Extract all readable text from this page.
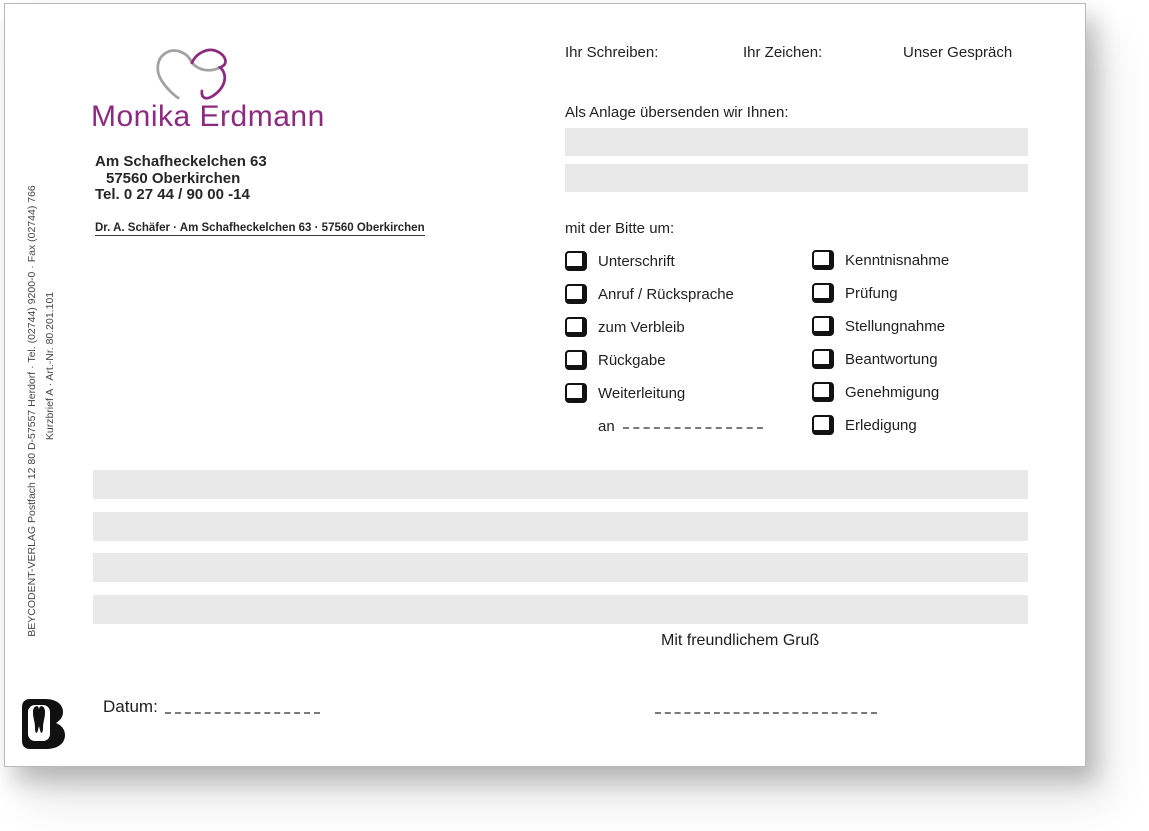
BEYCODENT-VERLAG Postfach 12 80 D-57557 Herdorf · Tel. (02744) 9200-0 · Fax (02744) 766 Kurzbrief A · Art.-Nr. 80.201.101
Monika Erdmann
Am Schafheckelchen 63
57560 Oberkirchen
Tel. 0 27 44 / 90 00 -14
Dr. A. Schäfer · Am Schafheckelchen 63 · 57560 Oberkirchen
Ihr Schreiben:	Ihr Zeichen:	Unser Gespräch
Als Anlage übersenden wir Ihnen:
mit der Bitte um:
Unterschrift
Anruf / Rücksprache
zum Verbleib
Rückgabe
Weiterleitung
an
Kenntnisnahme
Prüfung
Stellungnahme
Beantwortung
Genehmigung
Erledigung
Mit freundlichem Gruß
Datum:
